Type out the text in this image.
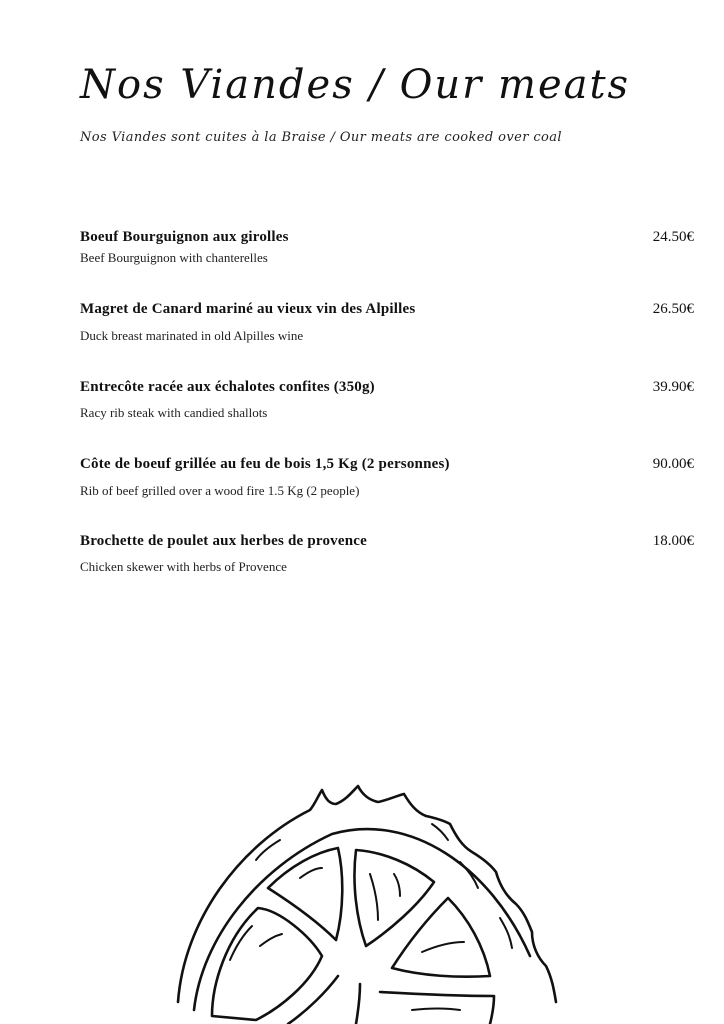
Nos Viandes / Our meats
Nos Viandes sont cuites à la Braise / Our meats are cooked over coal
Boeuf Bourguignon aux girolles
Beef Bourguignon with chanterelles
24.50€
Magret de Canard mariné au vieux vin des Alpilles
Duck breast marinated in old Alpilles wine
26.50€
Entrecôte racée aux échalotes confites (350g)
Racy rib steak with candied shallots
39.90€
Côte de boeuf grillée au feu de bois 1,5 Kg (2 personnes)
Rib of beef grilled over a wood fire 1.5 Kg (2 people)
90.00€
Brochette de poulet aux herbes de provence
Chicken skewer with herbs of Provence
18.00€
